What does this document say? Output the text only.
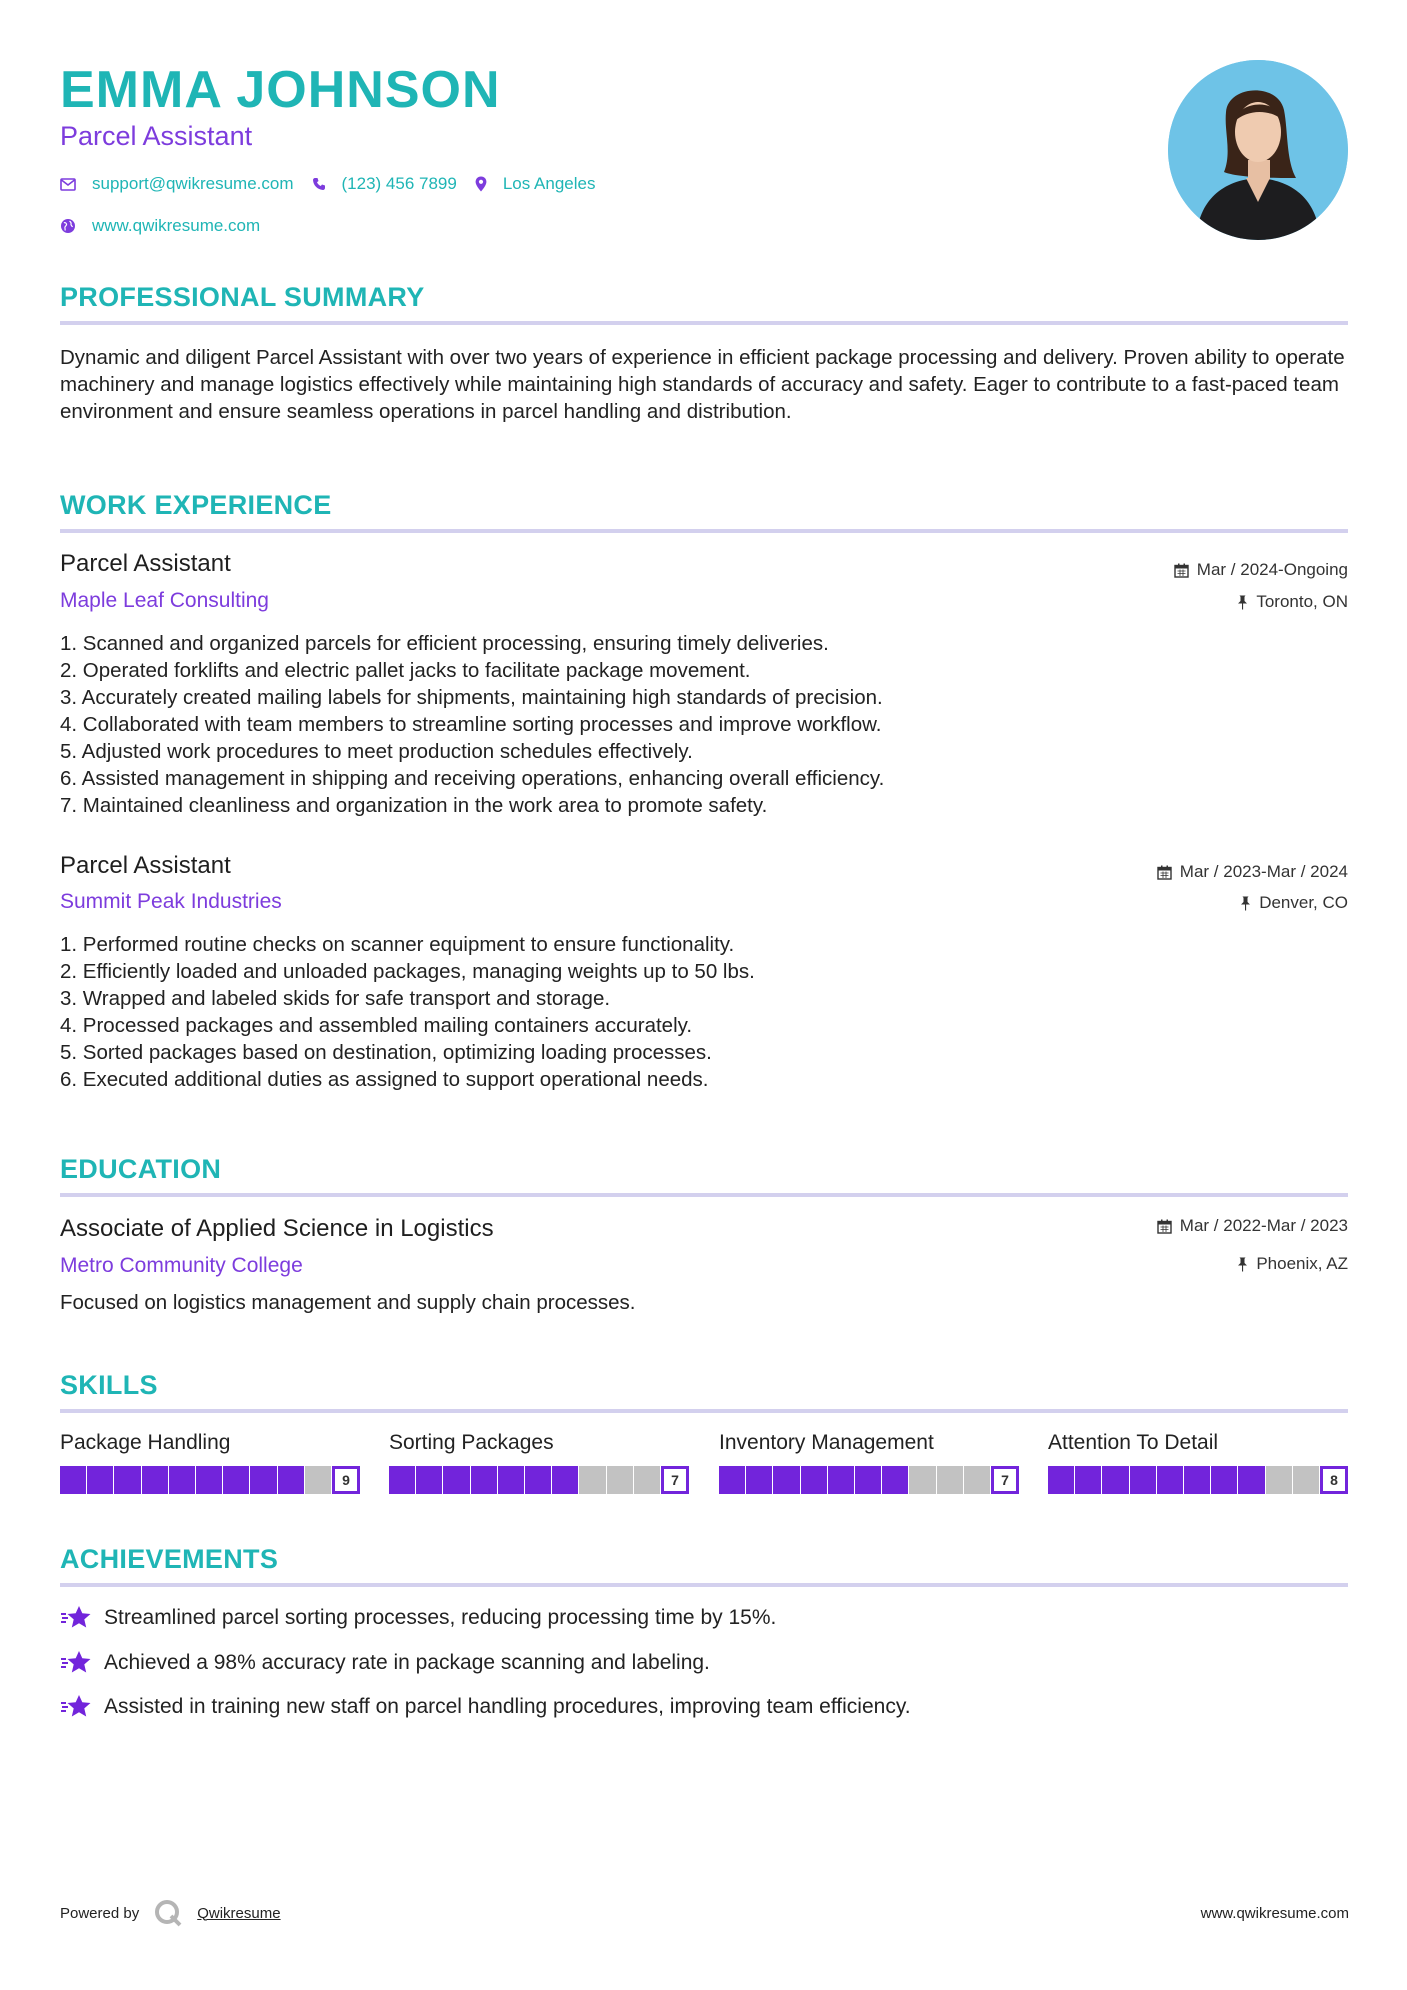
EMMA JOHNSON
Parcel Assistant
support@qwikresume.com	(123) 456 7899	Los Angeles
www.qwikresume.com
PROFESSIONAL SUMMARY
Dynamic and diligent Parcel Assistant with over two years of experience in efficient package processing and delivery. Proven ability to operate machinery and manage logistics effectively while maintaining high standards of accuracy and safety. Eager to contribute to a fast-paced team environment and ensure seamless operations in parcel handling and distribution.
WORK EXPERIENCE
Parcel Assistant	Mar / 2024-Ongoing
Maple Leaf Consulting	Toronto, ON
1. Scanned and organized parcels for efficient processing, ensuring timely deliveries.
2. Operated forklifts and electric pallet jacks to facilitate package movement.
3. Accurately created mailing labels for shipments, maintaining high standards of precision.
4. Collaborated with team members to streamline sorting processes and improve workflow.
5. Adjusted work procedures to meet production schedules effectively.
6. Assisted management in shipping and receiving operations, enhancing overall efficiency.
7. Maintained cleanliness and organization in the work area to promote safety.
Parcel Assistant	Mar / 2023-Mar / 2024
Summit Peak Industries	Denver, CO
1. Performed routine checks on scanner equipment to ensure functionality.
2. Efficiently loaded and unloaded packages, managing weights up to 50 lbs.
3. Wrapped and labeled skids for safe transport and storage.
4. Processed packages and assembled mailing containers accurately.
5. Sorted packages based on destination, optimizing loading processes.
6. Executed additional duties as assigned to support operational needs.
EDUCATION
Associate of Applied Science in Logistics	Mar / 2022-Mar / 2023
Metro Community College	Phoenix, AZ
Focused on logistics management and supply chain processes.
SKILLS
Package Handling
9
Sorting Packages
7
Inventory Management
7
Attention To Detail
8
ACHIEVEMENTS
Streamlined parcel sorting processes, reducing processing time by 15%.
Achieved a 98% accuracy rate in package scanning and labeling.
Assisted in training new staff on parcel handling procedures, improving team efficiency.
Powered by	Qwikresume	www.qwikresume.com
